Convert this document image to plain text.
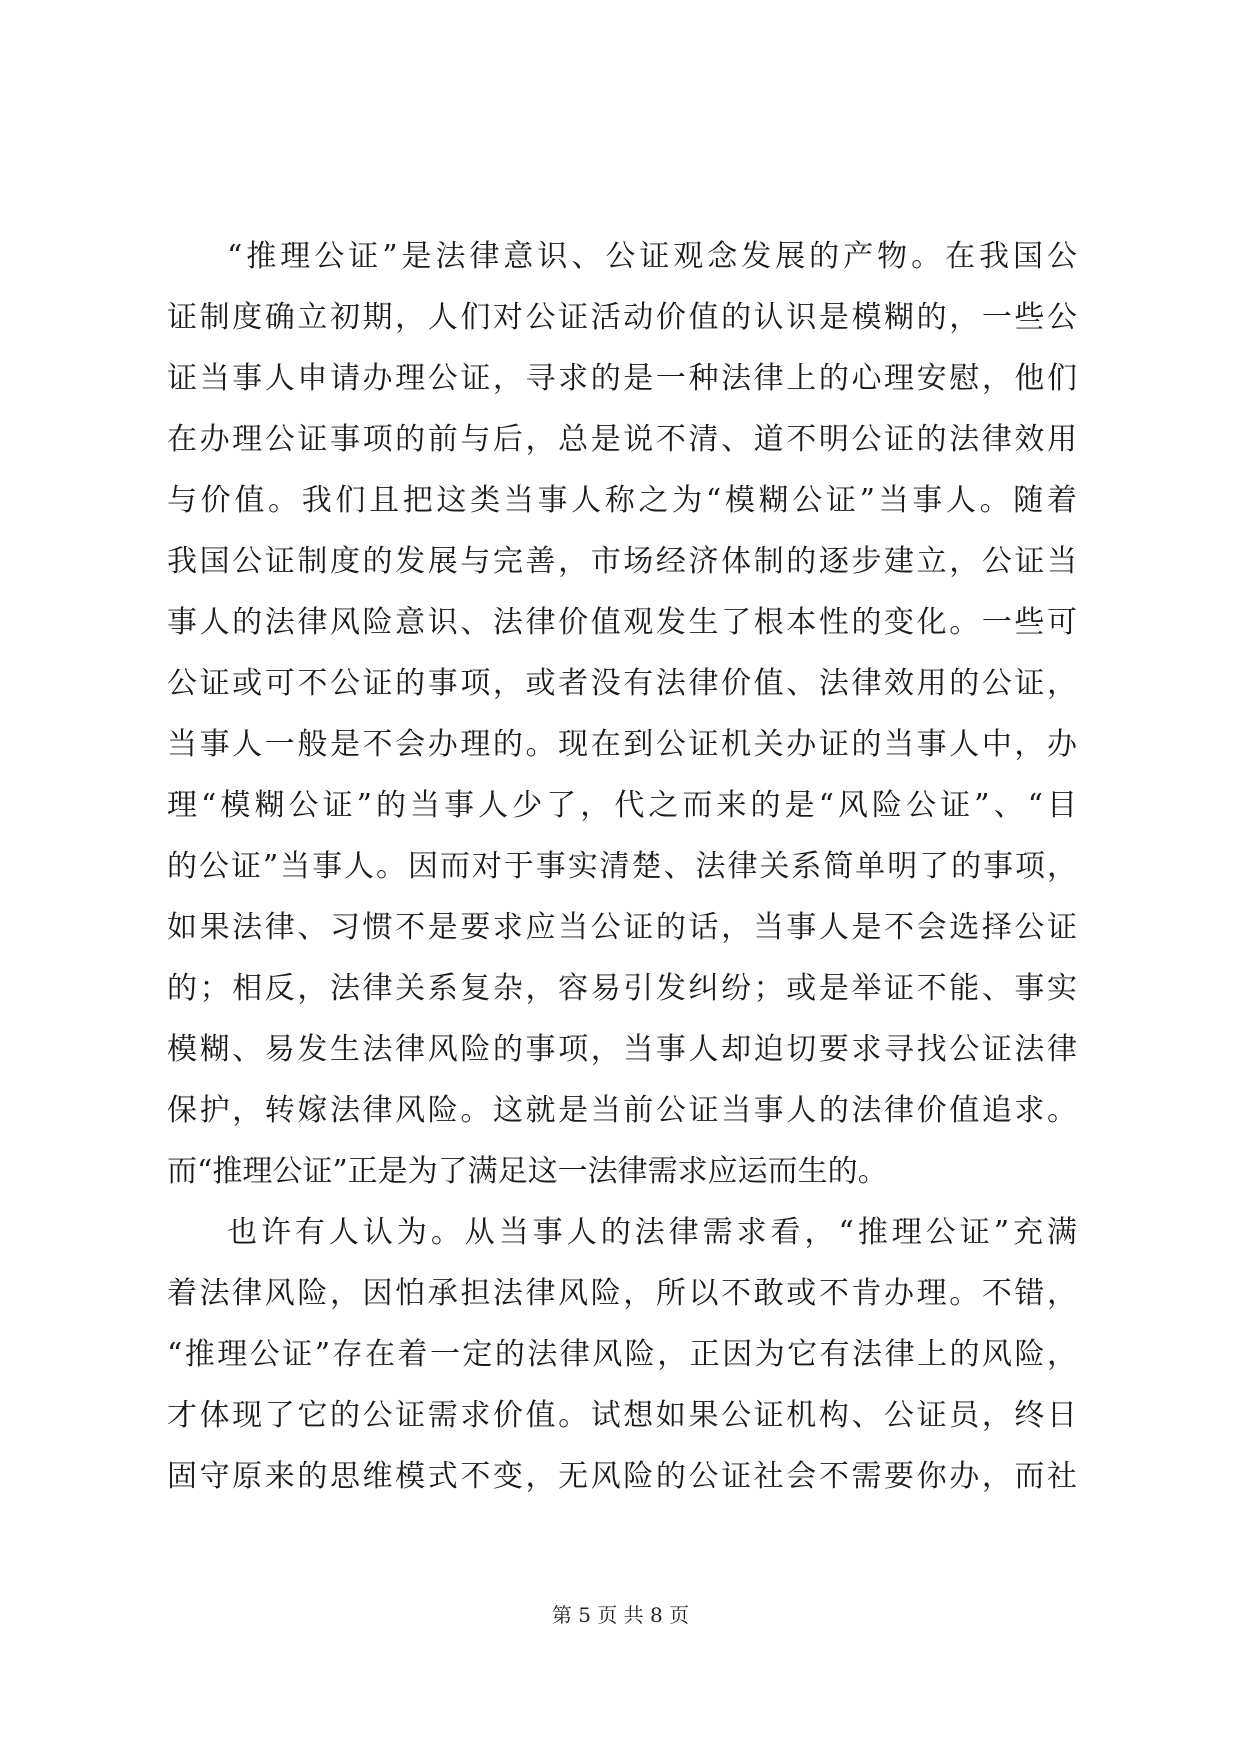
“推理公证”是法律意识、公证观念发展的产物。在我国公
证制度确立初期，人们对公证活动价值的认识是模糊的，一些公
证当事人申请办理公证，寻求的是一种法律上的心理安慰，他们
在办理公证事项的前与后，总是说不清、道不明公证的法律效用
与价值。我们且把这类当事人称之为“模糊公证”当事人。随着
我国公证制度的发展与完善，市场经济体制的逐步建立，公证当
事人的法律风险意识、法律价值观发生了根本性的变化。一些可
公证或可不公证的事项，或者没有法律价值、法律效用的公证，
当事人一般是不会办理的。现在到公证机关办证的当事人中，办
理“模糊公证”的当事人少了，代之而来的是“风险公证”、“目
的公证”当事人。因而对于事实清楚、法律关系简单明了的事项，
如果法律、习惯不是要求应当公证的话，当事人是不会选择公证
的；相反，法律关系复杂，容易引发纠纷；或是举证不能、事实
模糊、易发生法律风险的事项，当事人却迫切要求寻找公证法律
保护，转嫁法律风险。这就是当前公证当事人的法律价值追求。
而“推理公证”正是为了满足这一法律需求应运而生的。
也许有人认为。从当事人的法律需求看，“推理公证”充满
着法律风险，因怕承担法律风险，所以不敢或不肯办理。不错，
“推理公证”存在着一定的法律风险，正因为它有法律上的风险，
才体现了它的公证需求价值。试想如果公证机构、公证员，终日
固守原来的思维模式不变，无风险的公证社会不需要你办，而社
第 5 页 共 8 页
